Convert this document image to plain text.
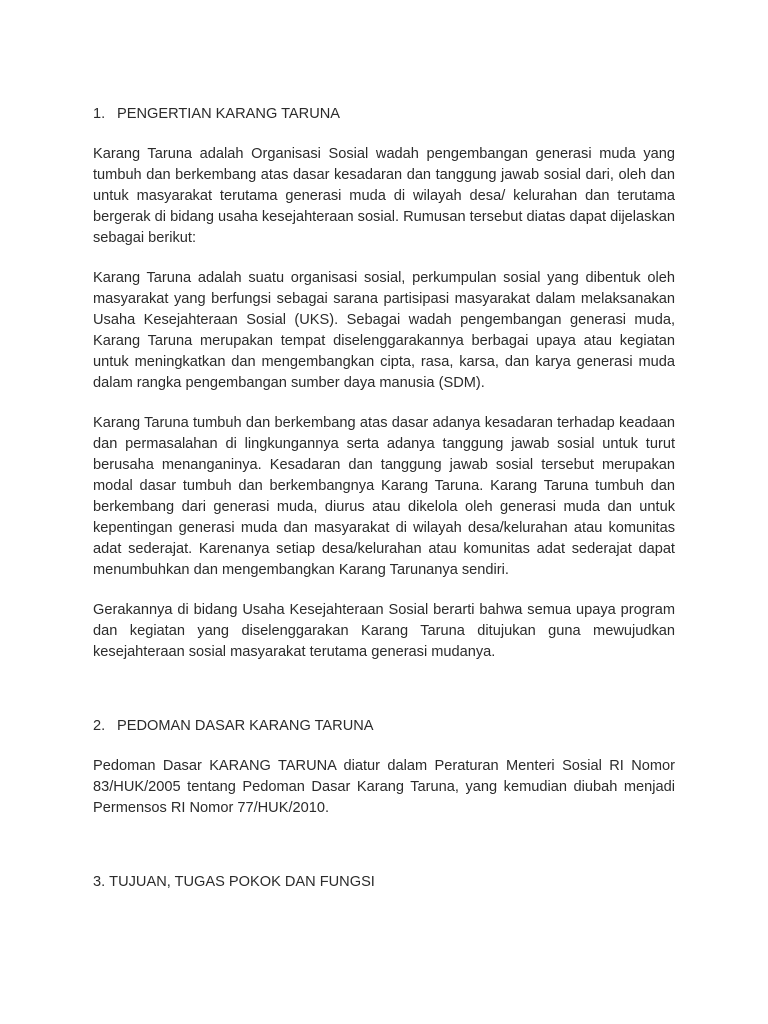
1. PENGERTIAN KARANG TARUNA

Karang Taruna adalah Organisasi Sosial wadah pengembangan generasi muda yang tumbuh dan berkembang atas dasar kesadaran dan tanggung jawab sosial dari, oleh dan untuk masyarakat terutama generasi muda di wilayah desa/ kelurahan dan terutama bergerak di bidang usaha kesejahteraan sosial. Rumusan tersebut diatas dapat dijelaskan sebagai berikut:

Karang Taruna adalah suatu organisasi sosial, perkumpulan sosial yang dibentuk oleh masyarakat yang berfungsi sebagai sarana partisipasi masyarakat dalam melaksanakan Usaha Kesejahteraan Sosial (UKS). Sebagai wadah pengembangan generasi muda, Karang Taruna merupakan tempat diselenggarakannya berbagai upaya atau kegiatan untuk meningkatkan dan mengembangkan cipta, rasa, karsa, dan karya generasi muda dalam rangka pengembangan sumber daya manusia (SDM).

Karang Taruna tumbuh dan berkembang atas dasar adanya kesadaran terhadap keadaan dan permasalahan di lingkungannya serta adanya tanggung jawab sosial untuk turut berusaha menanganinya. Kesadaran dan tanggung jawab sosial tersebut merupakan modal dasar tumbuh dan berkembangnya Karang Taruna. Karang Taruna tumbuh dan berkembang dari generasi muda, diurus atau dikelola oleh generasi muda dan untuk kepentingan generasi muda dan masyarakat di wilayah desa/kelurahan atau komunitas adat sederajat. Karenanya setiap desa/kelurahan atau komunitas adat sederajat dapat menumbuhkan dan mengembangkan Karang Tarunanya sendiri.

Gerakannya di bidang Usaha Kesejahteraan Sosial berarti bahwa semua upaya program dan kegiatan yang diselenggarakan Karang Taruna ditujukan guna mewujudkan kesejahteraan sosial masyarakat terutama generasi mudanya.

2. PEDOMAN DASAR KARANG TARUNA

Pedoman Dasar KARANG TARUNA diatur dalam Peraturan Menteri Sosial RI Nomor 83/HUK/2005 tentang Pedoman Dasar Karang Taruna, yang kemudian diubah menjadi Permensos RI Nomor 77/HUK/2010.

3. TUJUAN, TUGAS POKOK DAN FUNGSI
